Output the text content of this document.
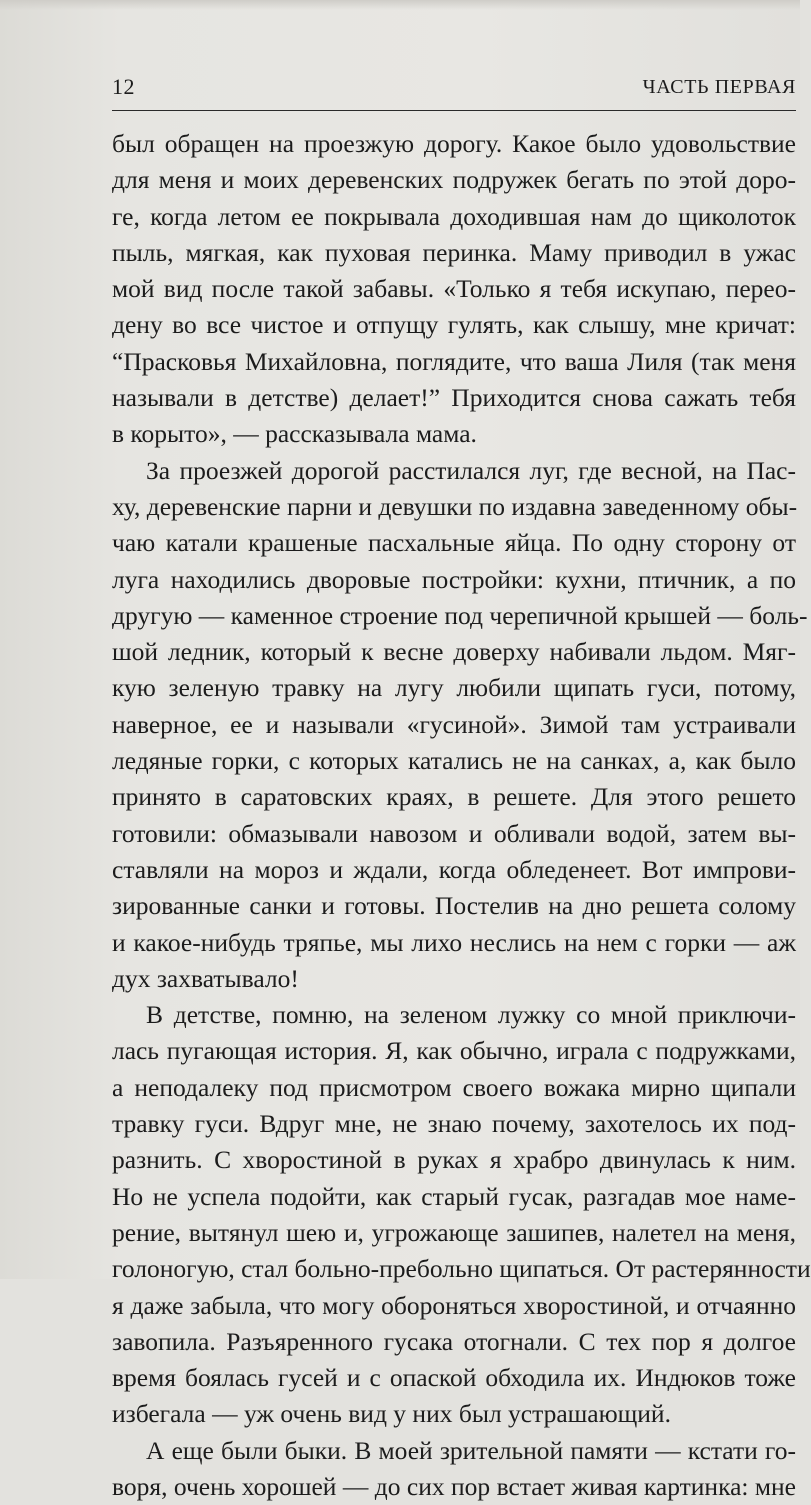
12	ЧАСТЬ ПЕРВАЯ
был обращен на проезжую дорогу. Какое было удовольствие
для меня и моих деревенских подружек бегать по этой доро-
ге, когда летом ее покрывала доходившая нам до щиколоток
пыль, мягкая, как пуховая перинка. Маму приводил в ужас
мой вид после такой забавы. «Только я тебя искупаю, переo-
дену во все чистое и отпущу гулять, как слышу, мне кричат:
“Прасковья Михайловна, поглядите, что ваша Лиля (так меня
называли в детстве) делает!” Приходится снова сажать тебя
в корыто», — рассказывала мама.
За проезжей дорогой расстилался луг, где весной, на Пас-
ху, деревенские парни и девушки по издавна заведенному обы-
чаю катали крашеные пасхальные яйца. По одну сторону от
луга находились дворовые постройки: кухни, птичник, а по
другую — каменное строение под черепичной крышей — боль-
шой ледник, который к весне доверху набивали льдом. Мяг-
кую зеленую травку на лугу любили щипать гуси, потому,
наверное, ее и называли «гусиной». Зимой там устраивали
ледяные горки, с которых катались не на санках, а, как было
принято в саратовских краях, в решете. Для этого решето
готовили: обмазывали навозом и обливали водой, затем вы-
ставляли на мороз и ждали, когда обледенеет. Вот импрови-
зированные санки и готовы. Постелив на дно решета солому
и какое-нибудь тряпье, мы лихо неслись на нем с горки — аж
дух захватывало!
В детстве, помню, на зеленом лужку со мной приключи-
лась пугающая история. Я, как обычно, играла с подружками,
а неподалеку под присмотром своего вожака мирно щипали
травку гуси. Вдруг мне, не знаю почему, захотелось их под-
разнить. С хворостиной в руках я храбро двинулась к ним.
Но не успела подойти, как старый гусак, разгадав мое наме-
рение, вытянул шею и, угрожающе зашипев, налетел на меня,
голоногую, стал больно-пребольно щипаться. От растерянности
я даже забыла, что могу обороняться хворостиной, и отчаянно
завопила. Разъяренного гусака отогнали. С тех пор я долгое
время боялась гусей и с опаской обходила их. Индюков тоже
избегала — уж очень вид у них был устрашающий.
А еще были быки. В моей зрительной памяти — кстати го-
воря, очень хорошей — до сих пор встает живая картинка: мне
